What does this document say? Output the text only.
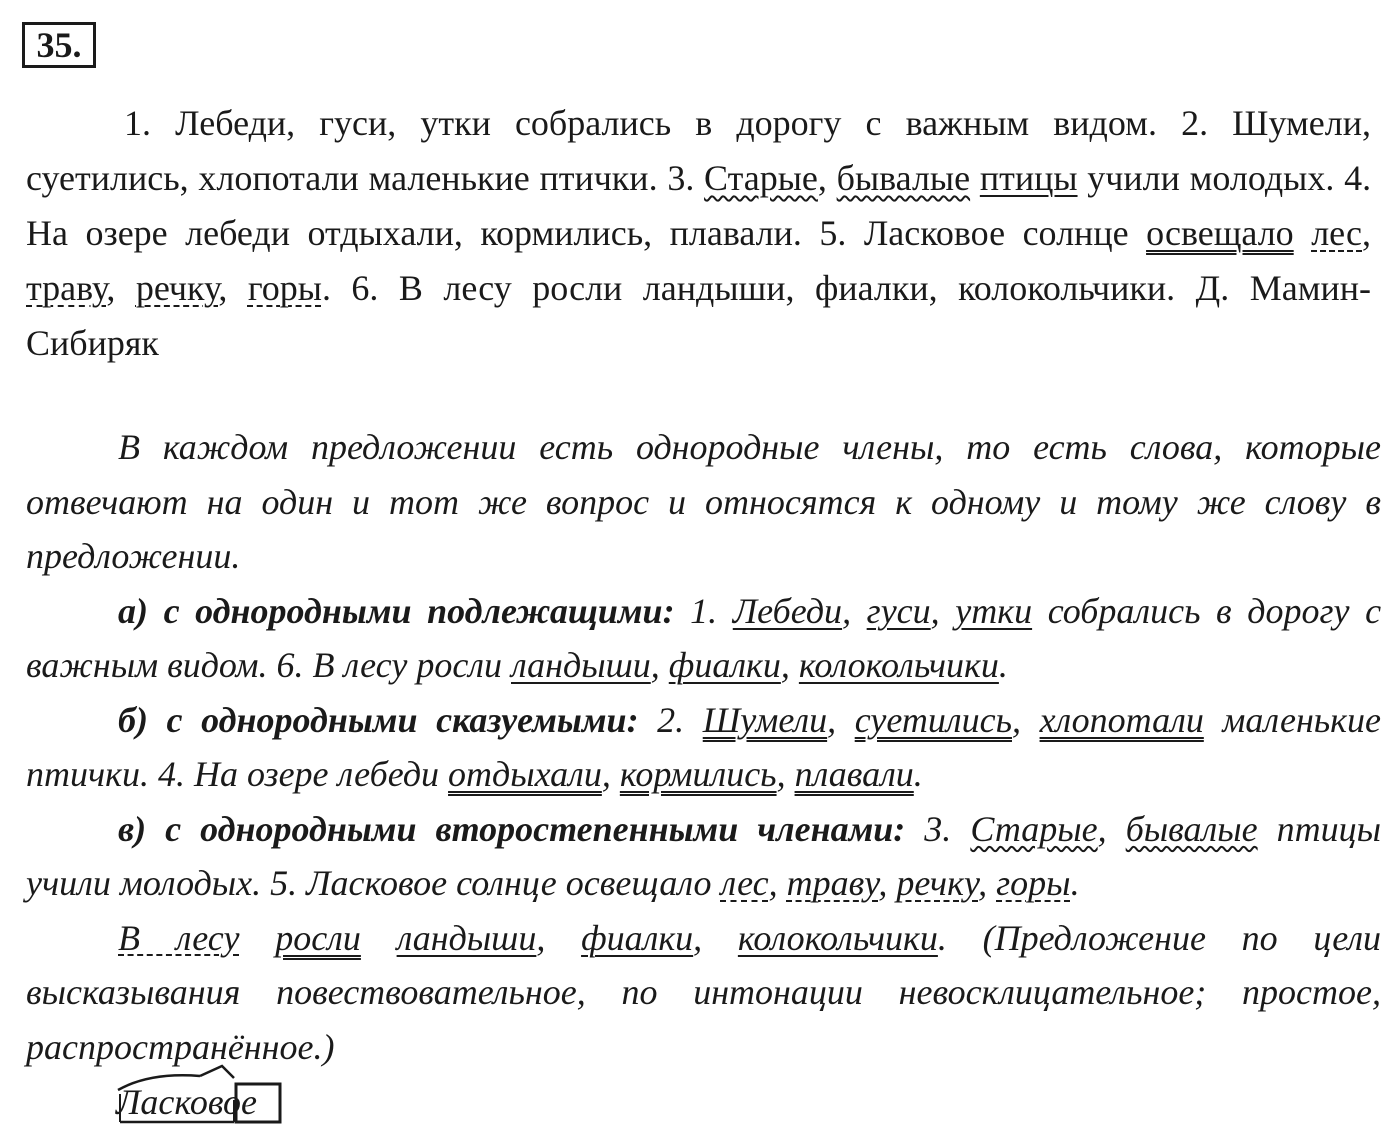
35.

1. Лебеди, гуси, утки собрались в дорогу с важным видом. 2. Шумели, суетились, хлопотали маленькие птички. 3. Старые, бывалые птицы учили молодых. 4. На озере лебеди отдыхали, кормились, плавали. 5. Ласковое солнце освещало лес, траву, речку, горы. 6. В лесу росли ландыши, фиалки, колокольчики. Д. Мамин-Сибиряк

В каждом предложении есть однородные члены, то есть слова, которые отвечают на один и тот же вопрос и относятся к одному и тому же слову в предложении.

а) с однородными подлежащими: 1. Лебеди, гуси, утки собрались в дорогу с важным видом. 6. В лесу росли ландыши, фиалки, колокольчики.

б) с однородными сказуемыми: 2. Шумели, суетились, хлопотали маленькие птички. 4. На озере лебеди отдыхали, кормились, плавали.

в) с однородными второстепенными членами: 3. Старые, бывалые птицы учили молодых. 5. Ласковое солнце освещало лес, траву, речку, горы.

В лесу росли ландыши, фиалки, колокольчики. (Предложение по цели высказывания повествовательное, по интонации невосклицательное; простое, распространённое.)

Ласковое
